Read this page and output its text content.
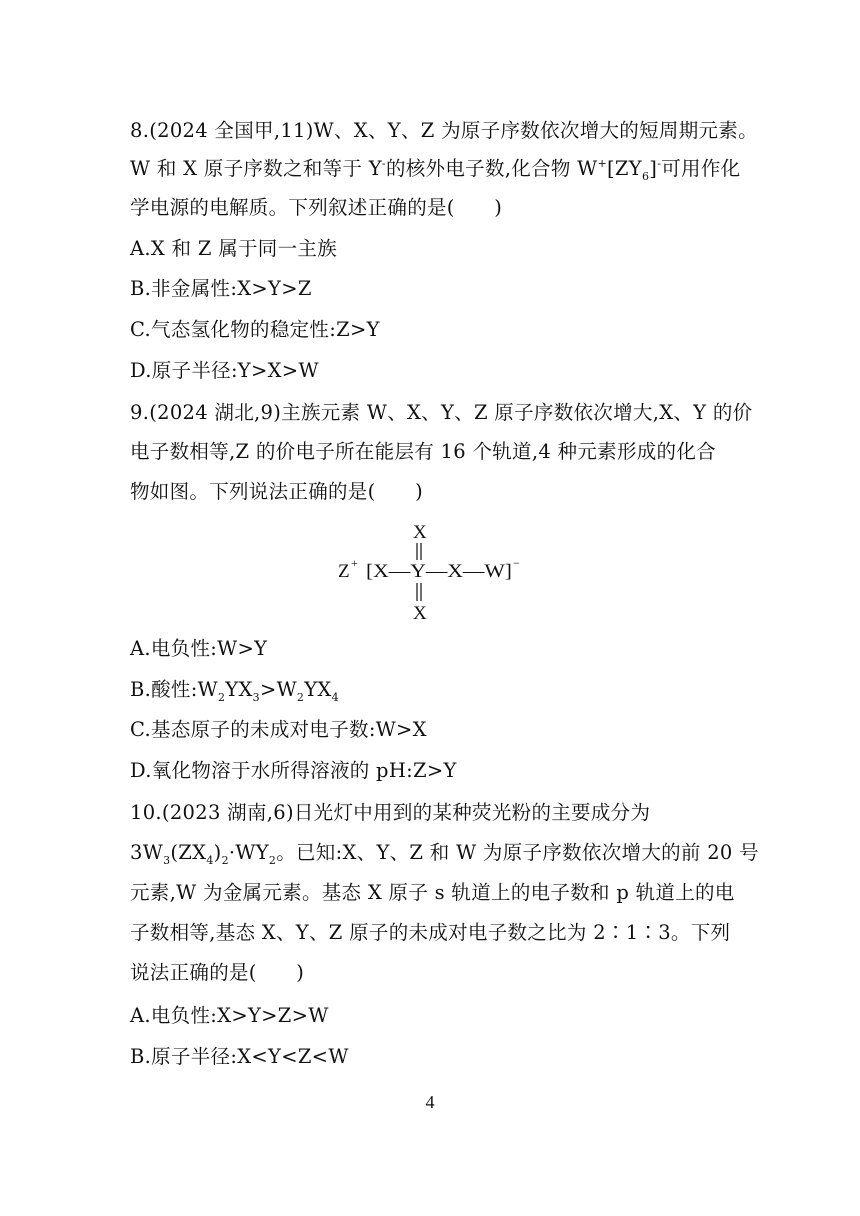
8.(2024 全国甲,11)W、X、Y、Z 为原子序数依次增大的短周期元素。
W 和 X 原子序数之和等于 Y-的核外电子数,化合物 $W^+[ZY_6]^-$可用作化
学电源的电解质。下列叙述正确的是(　　)
A.X 和 Z 属于同一主族
B.非金属性:X>Y>Z
C.气态氢化物的稳定性:Z>Y
D.原子半径:Y>X>W
9.(2024 湖北,9)主族元素 W、X、Y、Z 原子序数依次增大,X、Y 的价
电子数相等,Z 的价电子所在能层有 16 个轨道,4 种元素形成的化合
物如图。下列说法正确的是(　　)
X
Z + [X—Y—X—W] −
X
A.电负性:W>Y
B.酸性$:W_2YX_3>W_2YX_4$
C.基态原子的未成对电子数:W>X
D.氧化物溶于水所得溶液的 pH:Z>Y
10.(2023 湖南,6)日光灯中用到的某种荧光粉的主要成分为
$3W_3(ZX_4)_2\cdot WY_2$。已知:X、Y、Z 和 W 为原子序数依次增大的前 20 号
元素,W 为金属元素。基态 X 原子 s 轨道上的电子数和 p 轨道上的电
子数相等,基态 X、Y、Z 原子的未成对电子数之比为 2∶1∶3。下列
说法正确的是(　　)
A.电负性:X>Y>Z>W
B.原子半径:X<Y<Z<W
4
